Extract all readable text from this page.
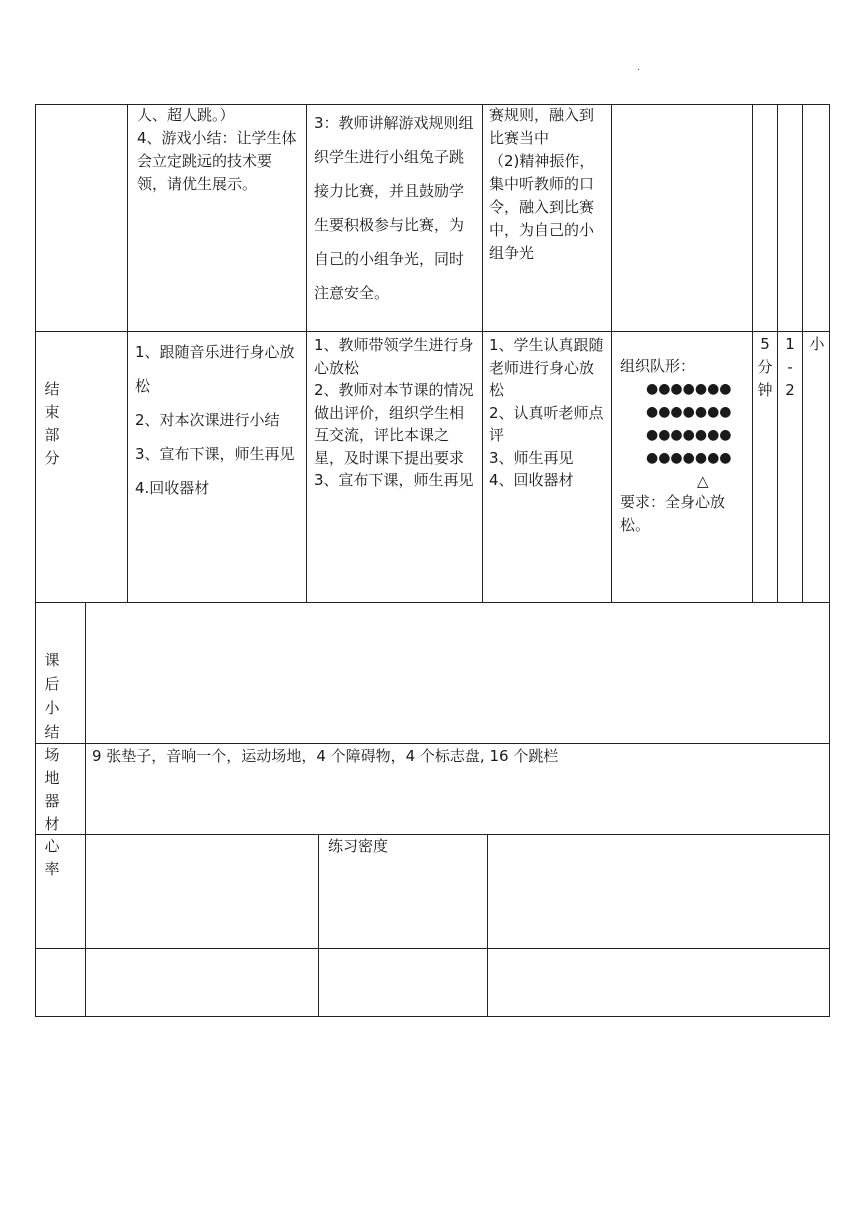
.
人、超人跳。）
4、游戏小结：让学生体会立定跳远的技术要领，请优生展示。
3：教师讲解游戏规则组织学生进行小组兔子跳接力比赛，并且鼓励学生要积极参与比赛，为自己的小组争光，同时注意安全。
赛规则，融入到比赛当中
（2)精神振作，集中听教师的口令，融入到比赛中，为自己的小组争光
结
束
部
分
1、跟随音乐进行身心放松
2、对本次课进行小结
3、宣布下课，师生再见
4.回收器材
1、教师带领学生进行身心放松
2、教师对本节课的情况做出评价，组织学生相互交流，评比本课之星，及时课下提出要求
3、宣布下课，师生再见
1、学生认真跟随老师进行身心放松
2、认真听老师点评
3、师生再见
4、回收器材
组织队形：
●●●●●●●
●●●●●●●
●●●●●●●
●●●●●●●
△
要求：全身心放松。
5
分
钟
1
-
2
小
课
后
小
结
场
地
器
材
9 张垫子，音响一个，运动场地，4 个障碍物，4 个标志盘, 16 个跳栏
心
率
练习密度
